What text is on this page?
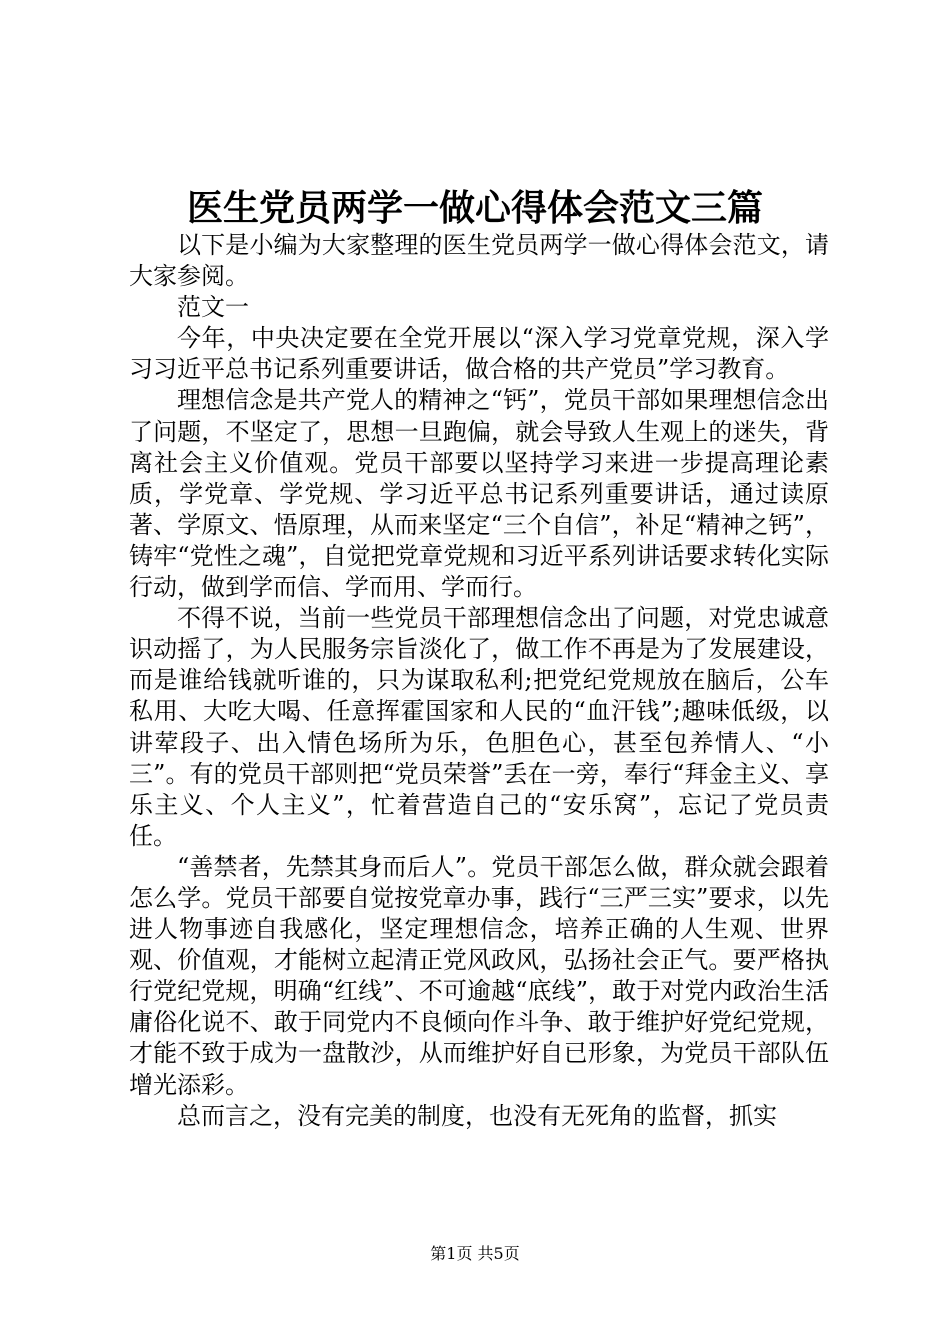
医生党员两学一做心得体会范文三篇

以下是小编为大家整理的医生党员两学一做心得体会范文，请大家参阅。

范文一

今年，中央决定要在全党开展以“深入学习党章党规，深入学习习近平总书记系列重要讲话，做合格的共产党员”学习教育。

理想信念是共产党人的精神之“钙”，党员干部如果理想信念出了问题，不坚定了，思想一旦跑偏，就会导致人生观上的迷失，背离社会主义价值观。党员干部要以坚持学习来进一步提高理论素质，学党章、学党规、学习近平总书记系列重要讲话，通过读原著、学原文、悟原理，从而来坚定“三个自信”，补足“精神之钙”，铸牢“党性之魂”，自觉把党章党规和习近平系列讲话要求转化实际行动，做到学而信、学而用、学而行。

不得不说，当前一些党员干部理想信念出了问题，对党忠诚意识动摇了，为人民服务宗旨淡化了，做工作不再是为了发展建设，而是谁给钱就听谁的，只为谋取私利;把党纪党规放在脑后，公车私用、大吃大喝、任意挥霍国家和人民的“血汗钱”;趣味低级，以讲荤段子、出入情色场所为乐，色胆色心，甚至包养情人、“小三”。有的党员干部则把“党员荣誉”丢在一旁，奉行“拜金主义、享乐主义、个人主义”，忙着营造自己的“安乐窝”，忘记了党员责任。

“善禁者，先禁其身而后人”。党员干部怎么做，群众就会跟着怎么学。党员干部要自觉按党章办事，践行“三严三实”要求，以先进人物事迹自我感化，坚定理想信念，培养正确的人生观、世界观、价值观，才能树立起清正党风政风，弘扬社会正气。要严格执行党纪党规，明确“红线”、不可逾越“底线”，敢于对党内政治生活庸俗化说不、敢于同党内不良倾向作斗争、敢于维护好党纪党规，才能不致于成为一盘散沙，从而维护好自已形象，为党员干部队伍增光添彩。

总而言之，没有完美的制度，也没有无死角的监督，抓实

第1页 共5页
